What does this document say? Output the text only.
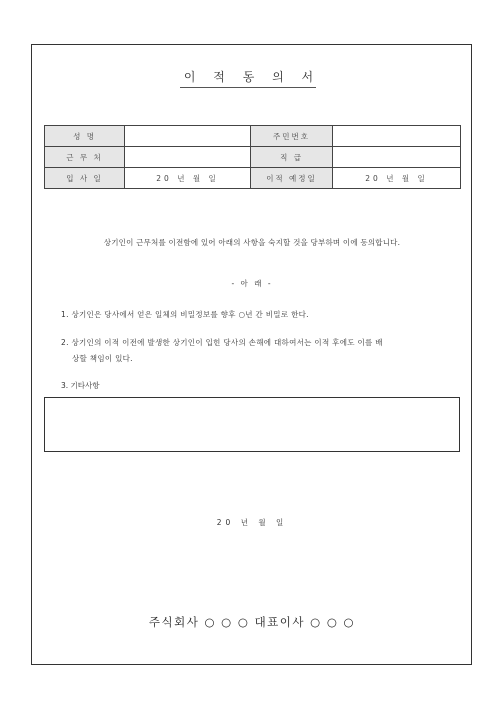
이 적 동 의 서
성 명		주민번호	
근 무 처		직 급	
입 사 일	20 년 월 일	이적 예정일	20 년 월 일
상기인이 근무처를 이전함에 있어 아래의 사항을 숙지할 것을 당부하며 이에 동의합니다.
- 아 래 -
1. 상기인은 당사에서 얻은 일체의 비밀정보를 향후 ○년 간 비밀로 한다.
2. 상기인의 이적 이전에 발생한 상기인이 입힌 당사의 손해에 대하여서는 이적 후에도 이를 배
상할 책임이 있다.
3. 기타사항
20 년 월 일
주식회사 ○ ○ ○ 대표이사 ○ ○ ○
